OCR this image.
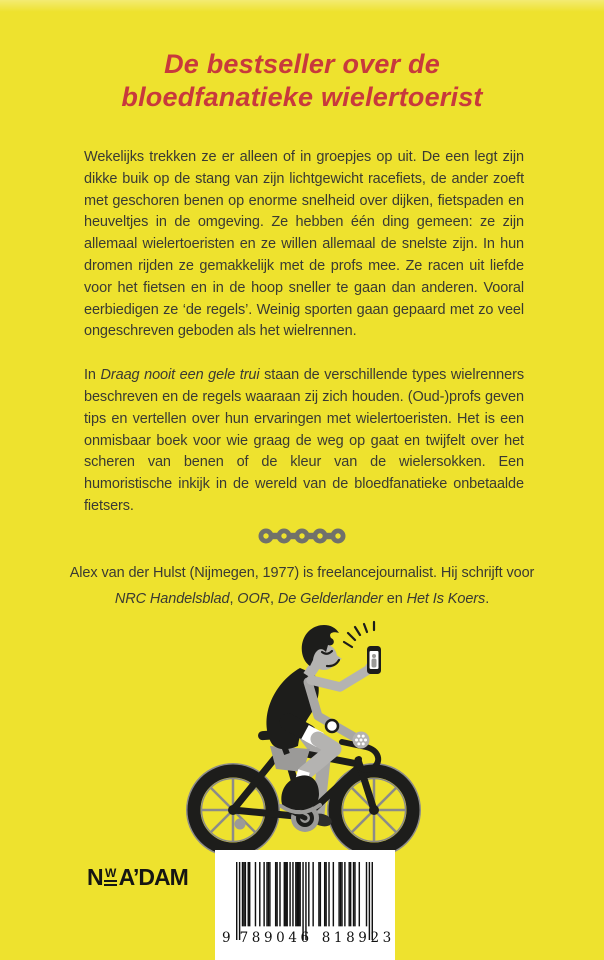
De bestseller over de
bloedfanatieke wielertoerist

Wekelijks trekken ze er alleen of in groepjes op uit. De een legt zijn dikke buik op de stang van zijn lichtgewicht racefiets, de ander zoeft met geschoren benen op enorme snelheid over dijken, fietspaden en heuveltjes in de omgeving. Ze hebben één ding gemeen: ze zijn allemaal wielertoeristen en ze willen allemaal de snelste zijn. In hun dromen rijden ze gemakkelijk met de profs mee. Ze racen uit liefde voor het fietsen en in de hoop sneller te gaan dan anderen. Vooral eerbiedigen ze ‘de regels’. Weinig sporten gaan gepaard met zo veel ongeschreven geboden als het wielrennen.

In Draag nooit een gele trui staan de verschillende types wielrenners beschreven en de regels waaraan zij zich houden. (Oud-)profs geven tips en vertellen over hun ervaringen met wielertoeristen. Het is een onmisbaar boek voor wie graag de weg op gaat en twijfelt over het scheren van benen of de kleur van de wielersokken. Een humoristische inkijk in de wereld van de bloedfanatieke onbetaalde fietsers.

Alex van der Hulst (Nijmegen, 1977) is freelancejournalist. Hij schrijft voor NRC Handelsblad, OOR, De Gelderlander en Het Is Koers.

N W A’DAM
9 789046 818923
